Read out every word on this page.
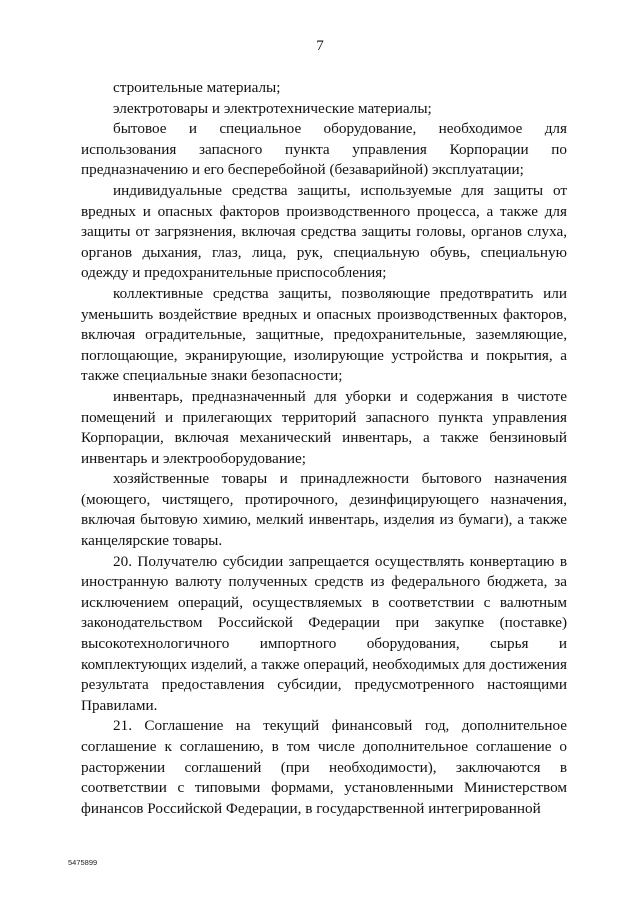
7

строительные материалы;

электротовары и электротехнические материалы;

бытовое и специальное оборудование, необходимое для использования запасного пункта управления Корпорации по предназначению и его бесперебойной (безаварийной) эксплуатации;

индивидуальные средства защиты, используемые для защиты от вредных и опасных факторов производственного процесса, а также для защиты от загрязнения, включая средства защиты головы, органов слуха, органов дыхания, глаз, лица, рук, специальную обувь, специальную одежду и предохранительные приспособления;

коллективные средства защиты, позволяющие предотвратить или уменьшить воздействие вредных и опасных производственных факторов, включая оградительные, защитные, предохранительные, заземляющие, поглощающие, экранирующие, изолирующие устройства и покрытия, а также специальные знаки безопасности;

инвентарь, предназначенный для уборки и содержания в чистоте помещений и прилегающих территорий запасного пункта управления Корпорации, включая механический инвентарь, а также бензиновый инвентарь и электрооборудование;

хозяйственные товары и принадлежности бытового назначения (моющего, чистящего, протирочного, дезинфицирующего назначения, включая бытовую химию, мелкий инвентарь, изделия из бумаги), а также канцелярские товары.

20. Получателю субсидии запрещается осуществлять конвертацию в иностранную валюту полученных средств из федерального бюджета, за исключением операций, осуществляемых в соответствии с валютным законодательством Российской Федерации при закупке (поставке) высокотехнологичного импортного оборудования, сырья и комплектующих изделий, а также операций, необходимых для достижения результата предоставления субсидии, предусмотренного настоящими Правилами.

21. Соглашение на текущий финансовый год, дополнительное соглашение к соглашению, в том числе дополнительное соглашение о расторжении соглашений (при необходимости), заключаются в соответствии с типовыми формами, установленными Министерством финансов Российской Федерации, в государственной интегрированной

5475899
